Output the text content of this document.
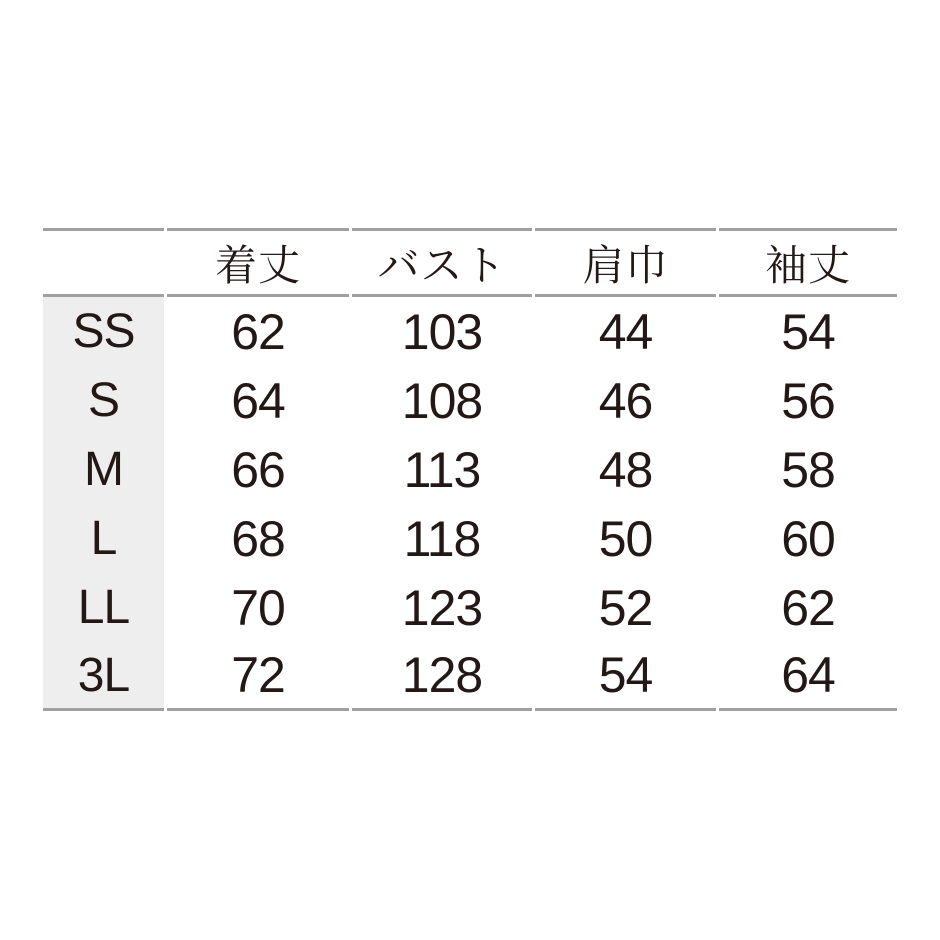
	着丈	バスト	肩巾	袖丈
SS	62	103	44	54
S	64	108	46	56
M	66	113	48	58
L	68	118	50	60
LL	70	123	52	62
3L	72	128	54	64
